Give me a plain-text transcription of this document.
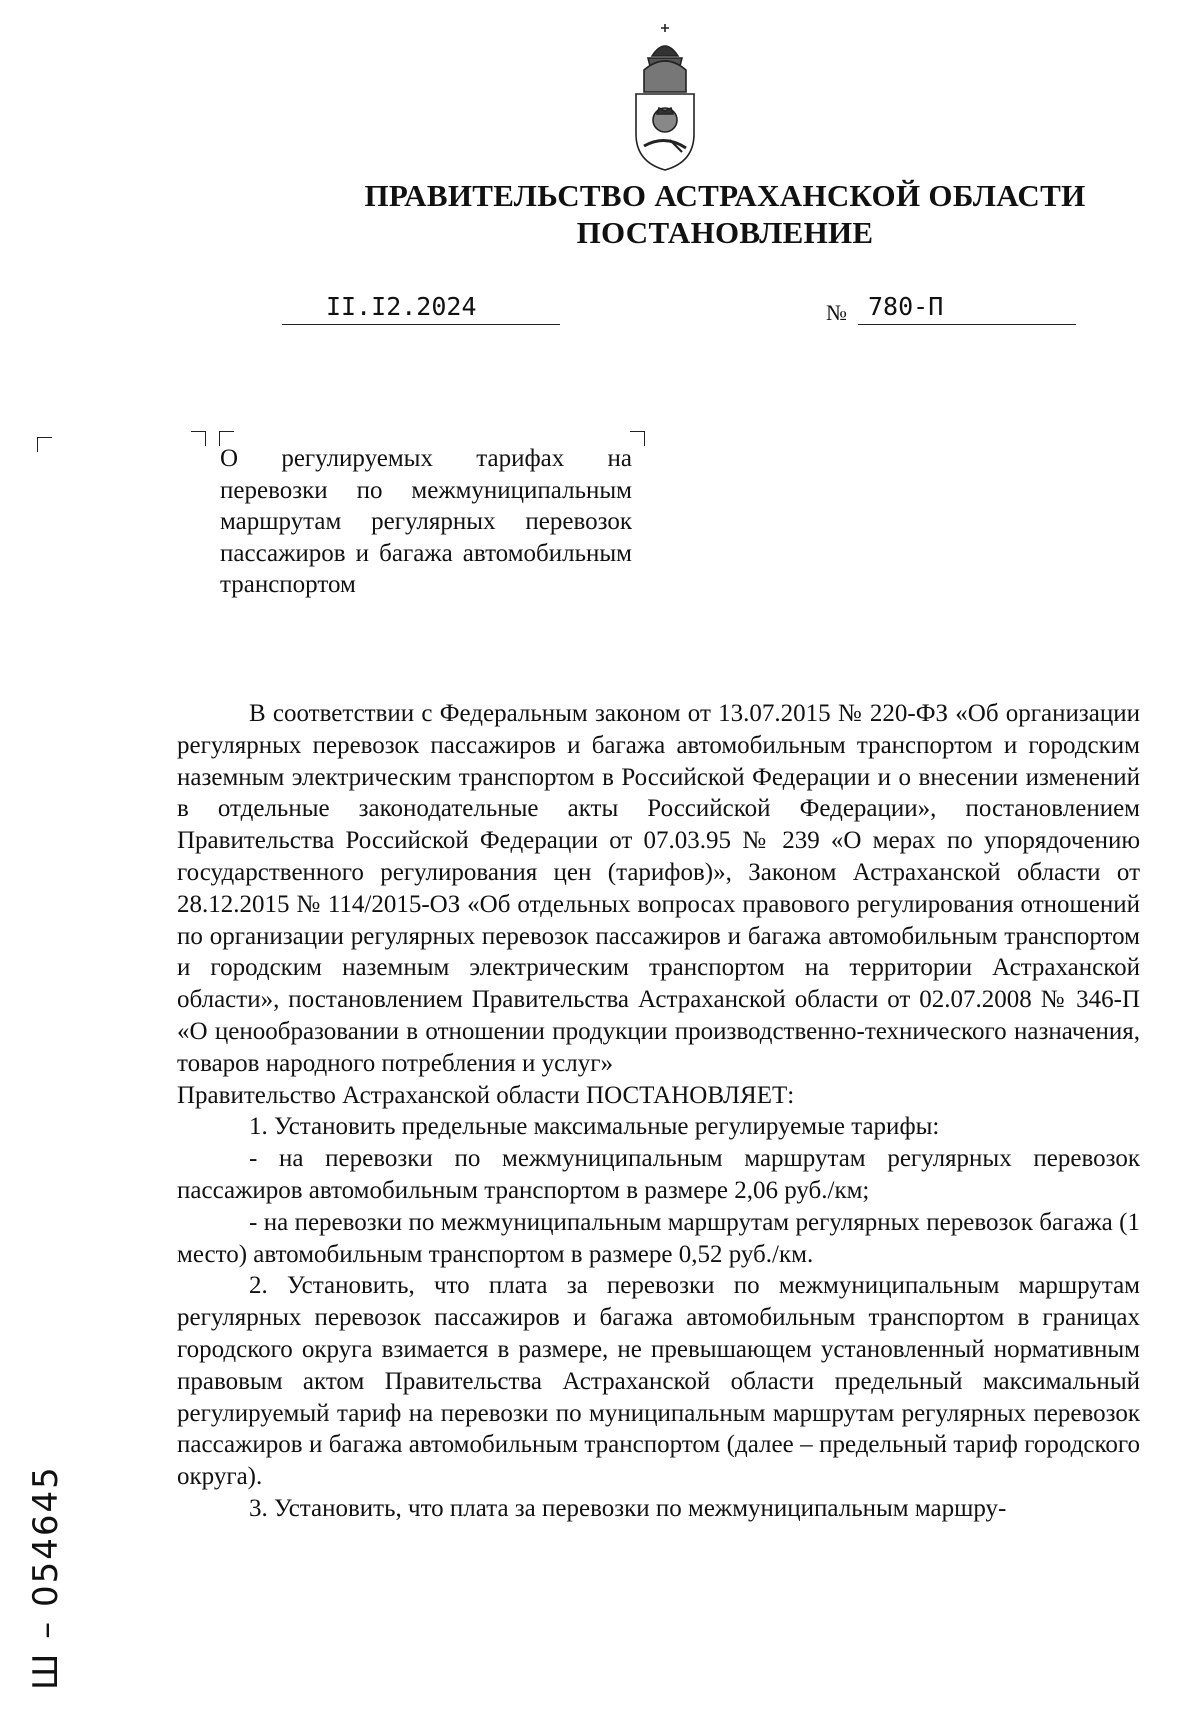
ПРАВИТЕЛЬСТВО АСТРАХАНСКОЙ ОБЛАСТИ
ПОСТАНОВЛЕНИЕ
II.I2.2024	№ 780-П
О регулируемых тарифах на перевозки по межмуниципальным маршрутам регулярных перевозок пассажиров и багажа автомобильным транспортом

В соответствии с Федеральным законом от 13.07.2015 № 220-ФЗ «Об организации регулярных перевозок пассажиров и багажа автомобильным транспортом и городским наземным электрическим транспортом в Российской Федерации и о внесении изменений в отдельные законодательные акты Российской Федерации», постановлением Правительства Российской Федерации от 07.03.95 № 239 «О мерах по упорядочению государственного регулирования цен (тарифов)», Законом Астраханской области от 28.12.2015 № 114/2015-ОЗ «Об отдельных вопросах правового регулирования отношений по организации регулярных перевозок пассажиров и багажа автомобильным транспортом и городским наземным электрическим транспортом на территории Астраханской области», постановлением Правительства Астраханской области от 02.07.2008 № 346-П «О ценообразовании в отношении продукции производственно-технического назначения, товаров народного потребления и услуг»

Правительство Астраханской области ПОСТАНОВЛЯЕТ:

1. Установить предельные максимальные регулируемые тарифы:

- на перевозки по межмуниципальным маршрутам регулярных перевозок пассажиров автомобильным транспортом в размере 2,06 руб./км;

- на перевозки по межмуниципальным маршрутам регулярных перевозок багажа (1 место) автомобильным транспортом в размере 0,52 руб./км.

2. Установить, что плата за перевозки по межмуниципальным маршрутам регулярных перевозок пассажиров и багажа автомобильным транспортом в границах городского округа взимается в размере, не превышающем установленный нормативным правовым актом Правительства Астраханской области предельный максимальный регулируемый тариф на перевозки по муниципальным маршрутам регулярных перевозок пассажиров и багажа автомобильным транспортом (далее – предельный тариф городского округа).

3. Установить, что плата за перевозки по межмуниципальным маршру-

Ш – 054645
